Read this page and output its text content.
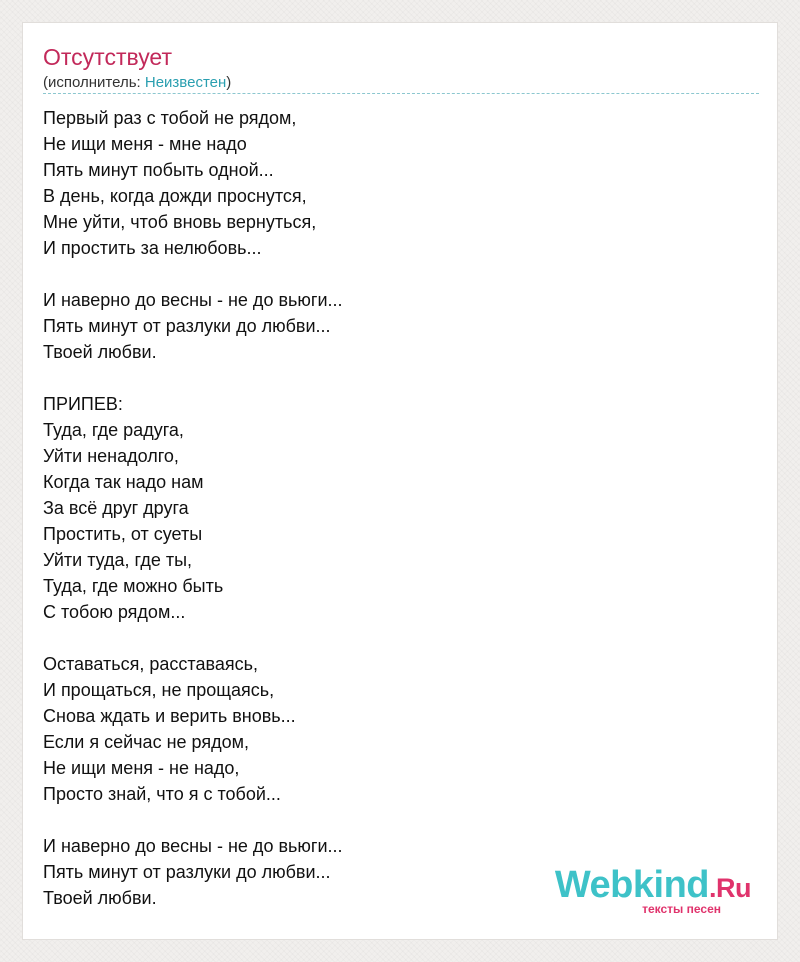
Отсутствует
(исполнитель: Неизвестен)
Первый раз с тобой не рядом,
Не ищи меня - мне надо
Пять минут побыть одной...
В день, когда дожди проснутся,
Мне уйти, чтоб вновь вернуться,
И простить за нелюбовь...
И наверно до весны - не до вьюги...
Пять минут от разлуки до любви...
Твоей любви.
ПРИПЕВ:
Туда, где радуга,
Уйти ненадолго,
Когда так надо нам
За всё друг друга
Простить, от суеты
Уйти туда, где ты,
Туда, где можно быть
С тобою рядом...
Оставаться, расставаясь,
И прощаться, не прощаясь,
Снова ждать и верить вновь...
Если я сейчас не рядом,
Не ищи меня - не надо,
Просто знай, что я с тобой...
И наверно до весны - не до вьюги...
Пять минут от разлуки до любви...
Твоей любви.	Webkind.Ru
тексты песен
